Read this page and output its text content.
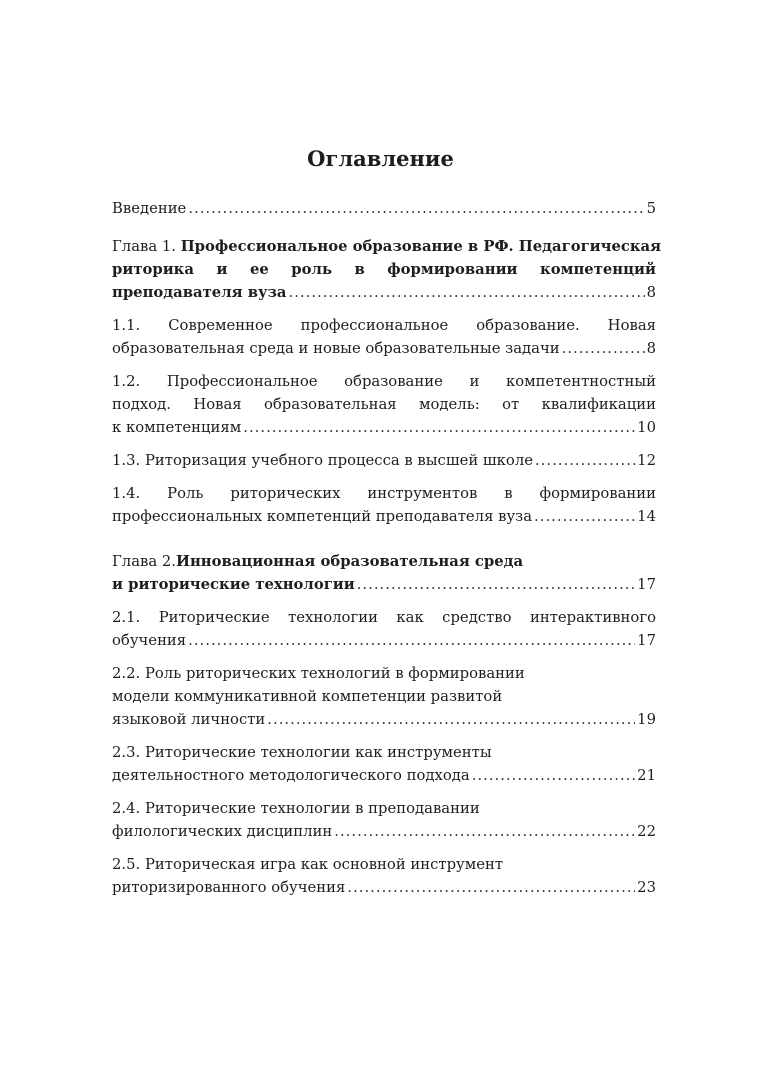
Оглавление
Введение .....	5
Глава 1. Профессиональное образование в РФ. Педагогическая
риторика и ее роль в формировании компетенций
преподавателя вуза .....	8
1.1. Современное профессиональное образование. Новая
образовательная среда и новые образовательные задачи .....	8
1.2. Профессиональное образование и компетентностный
подход. Новая образовательная модель: от квалификации
к компетенциям .....	10
1.3. Риторизация учебного процесса в высшей школе .....	12
1.4. Роль риторических инструментов в формировании
профессиональных компетенций преподавателя вуза .....	14
Глава 2. Инновационная образовательная среда
и риторические технологии .....	17
2.1. Риторические технологии как средство интерактивного
обучения .....	17
2.2. Роль риторических технологий в формировании
модели коммуникативной компетенции развитой
языковой личности .....	19
2.3. Риторические технологии как инструменты
деятельностного методологического подхода .....	21
2.4. Риторические технологии в преподавании
филологических дисциплин .....	22
2.5. Риторическая игра как основной инструмент
риторизированного обучения .....	23
